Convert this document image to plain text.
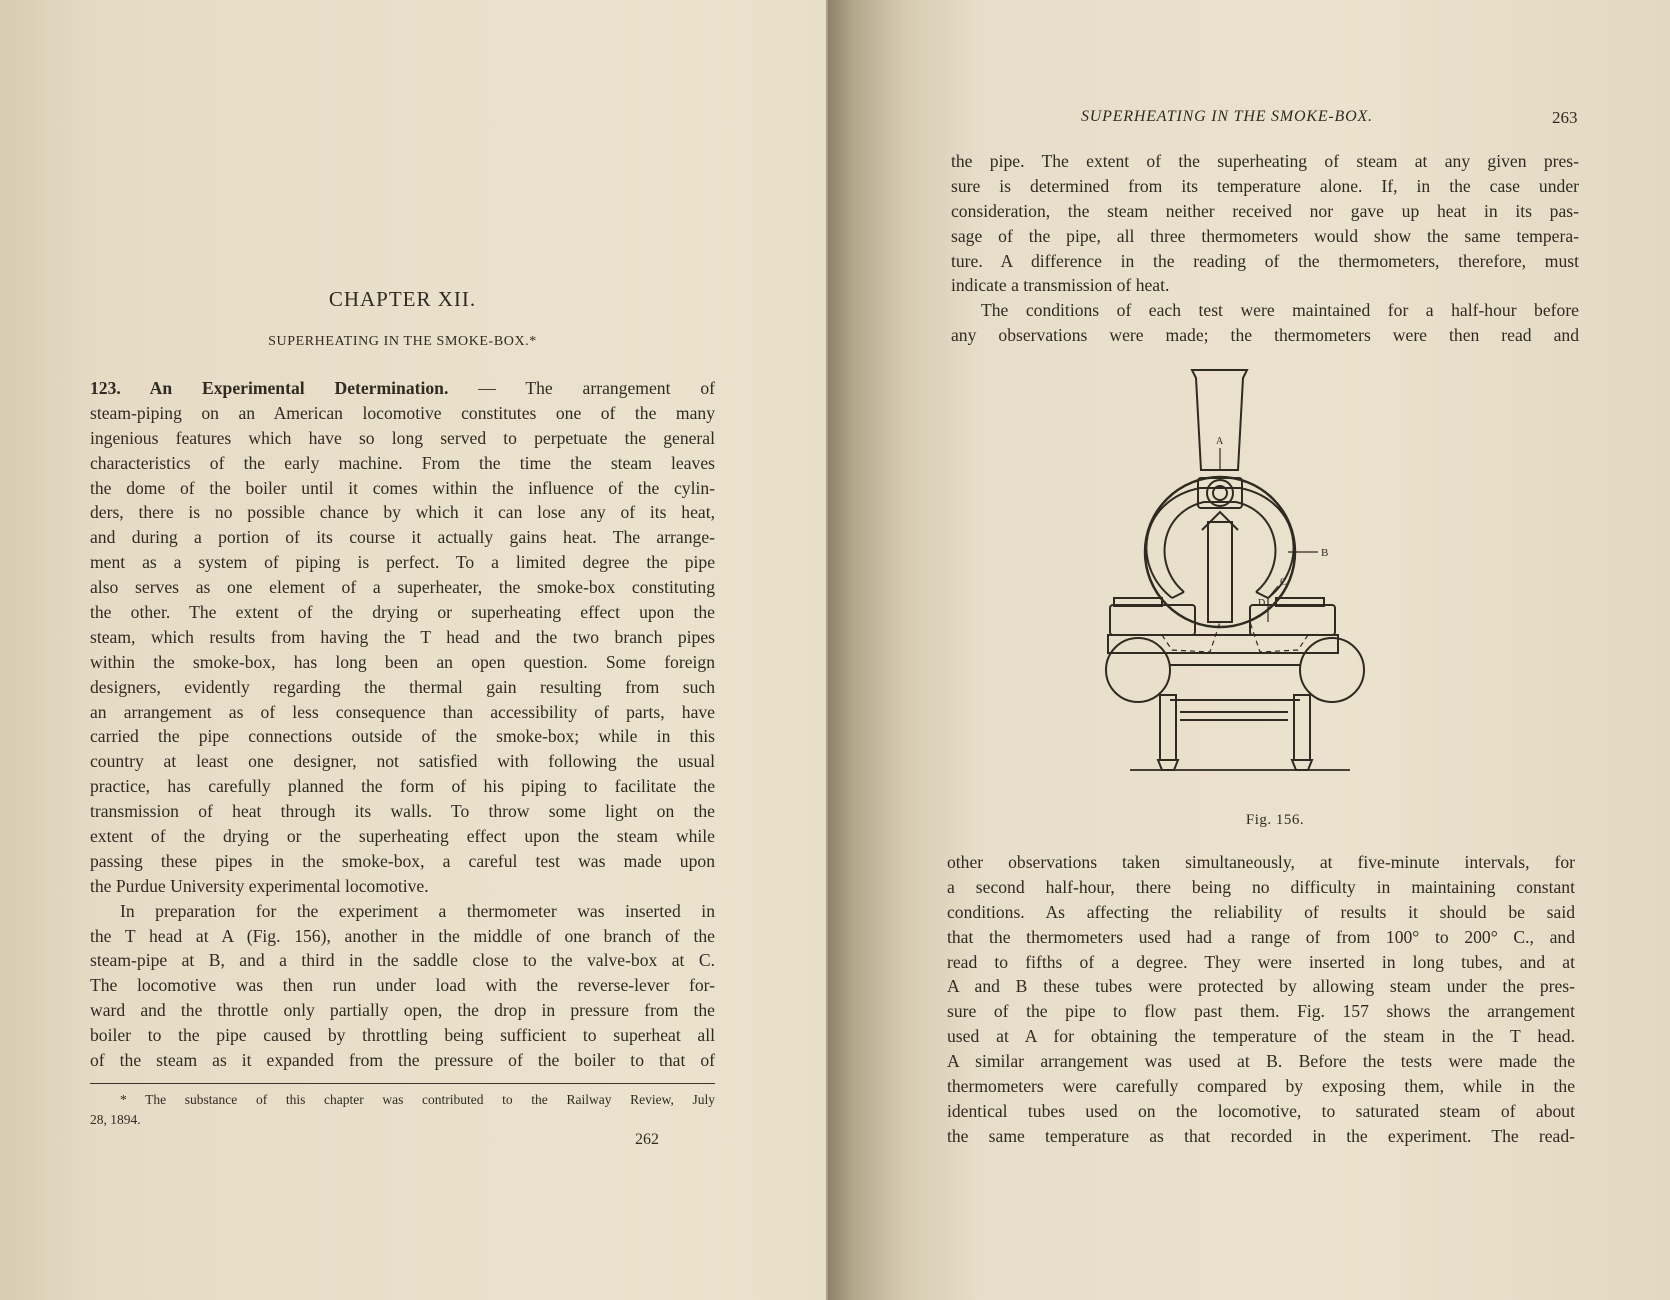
CHAPTER XII.
SUPERHEATING IN THE SMOKE-BOX.*
123. An Experimental Determination. — The arrangement of
steam-piping on an American locomotive constitutes one of the many
ingenious features which have so long served to perpetuate the general
characteristics of the early machine. From the time the steam leaves
the dome of the boiler until it comes within the influence of the cylin-
ders, there is no possible chance by which it can lose any of its heat,
and during a portion of its course it actually gains heat. The arrange-
ment as a system of piping is perfect. To a limited degree the pipe
also serves as one element of a superheater, the smoke-box constituting
the other. The extent of the drying or superheating effect upon the
steam, which results from having the T head and the two branch pipes
within the smoke-box, has long been an open question. Some foreign
designers, evidently regarding the thermal gain resulting from such
an arrangement as of less consequence than accessibility of parts, have
carried the pipe connections outside of the smoke-box; while in this
country at least one designer, not satisfied with following the usual
practice, has carefully planned the form of his piping to facilitate the
transmission of heat through its walls. To throw some light on the
extent of the drying or the superheating effect upon the steam while
passing these pipes in the smoke-box, a careful test was made upon
the Purdue University experimental locomotive.
In preparation for the experiment a thermometer was inserted in
the T head at A (Fig. 156), another in the middle of one branch of the
steam-pipe at B, and a third in the saddle close to the valve-box at C.
The locomotive was then run under load with the reverse-lever for-
ward and the throttle only partially open, the drop in pressure from the
boiler to the pipe caused by throttling being sufficient to superheat all
of the steam as it expanded from the pressure of the boiler to that of
* The substance of this chapter was contributed to the Railway Review, July
28, 1894.
262
SUPERHEATING IN THE SMOKE-BOX.	263
the pipe. The extent of the superheating of steam at any given pres-
sure is determined from its temperature alone. If, in the case under
consideration, the steam neither received nor gave up heat in its pas-
sage of the pipe, all three thermometers would show the same tempera-
ture. A difference in the reading of the thermometers, therefore, must
indicate a transmission of heat.
The conditions of each test were maintained for a half-hour before
any observations were made; the thermometers were then read and
A
B
C
D
Fig. 156.
other observations taken simultaneously, at five-minute intervals, for
a second half-hour, there being no difficulty in maintaining constant
conditions. As affecting the reliability of results it should be said
that the thermometers used had a range of from 100° to 200° C., and
read to fifths of a degree. They were inserted in long tubes, and at
A and B these tubes were protected by allowing steam under the pres-
sure of the pipe to flow past them. Fig. 157 shows the arrangement
used at A for obtaining the temperature of the steam in the T head.
A similar arrangement was used at B. Before the tests were made the
thermometers were carefully compared by exposing them, while in the
identical tubes used on the locomotive, to saturated steam of about
the same temperature as that recorded in the experiment. The read-
